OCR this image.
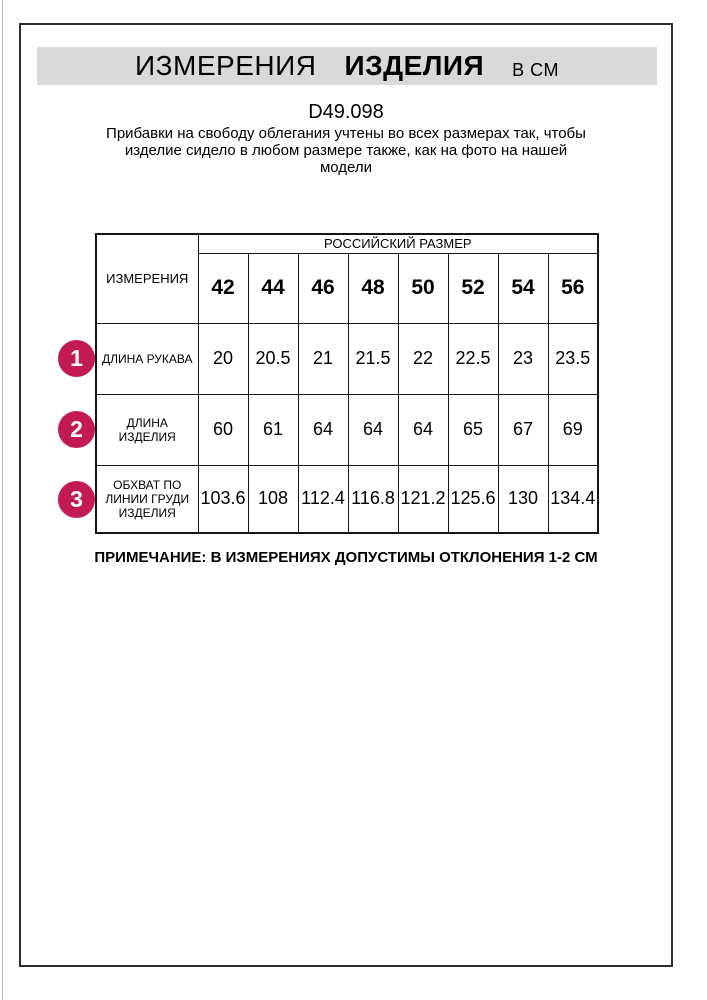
ИЗМЕРЕНИЯ ИЗДЕЛИЯ В СМ
D49.098
Прибавки на свободу облегания учтены во всех размерах так, чтобы
изделие сидело в любом размере также, как на фото на нашей
модели
ИЗМЕРЕНИЯ	РОССИЙСКИЙ РАЗМЕР							
	42	44	46	48	50	52	54	56

ДЛИНА РУКАВА	20	20.5	21	21.5	22	22.5	23	23.5

ДЛИНА
ИЗДЕЛИЯ	60	61	64	64	64	65	67	69

ОБХВАТ ПО
ЛИНИИ ГРУДИ
ИЗДЕЛИЯ	103.6	108	112.4	116.8	121.2	125.6	130	134.4
1
2
3
ПРИМЕЧАНИЕ: В ИЗМЕРЕНИЯХ ДОПУСТИМЫ ОТКЛОНЕНИЯ 1-2 СМ
